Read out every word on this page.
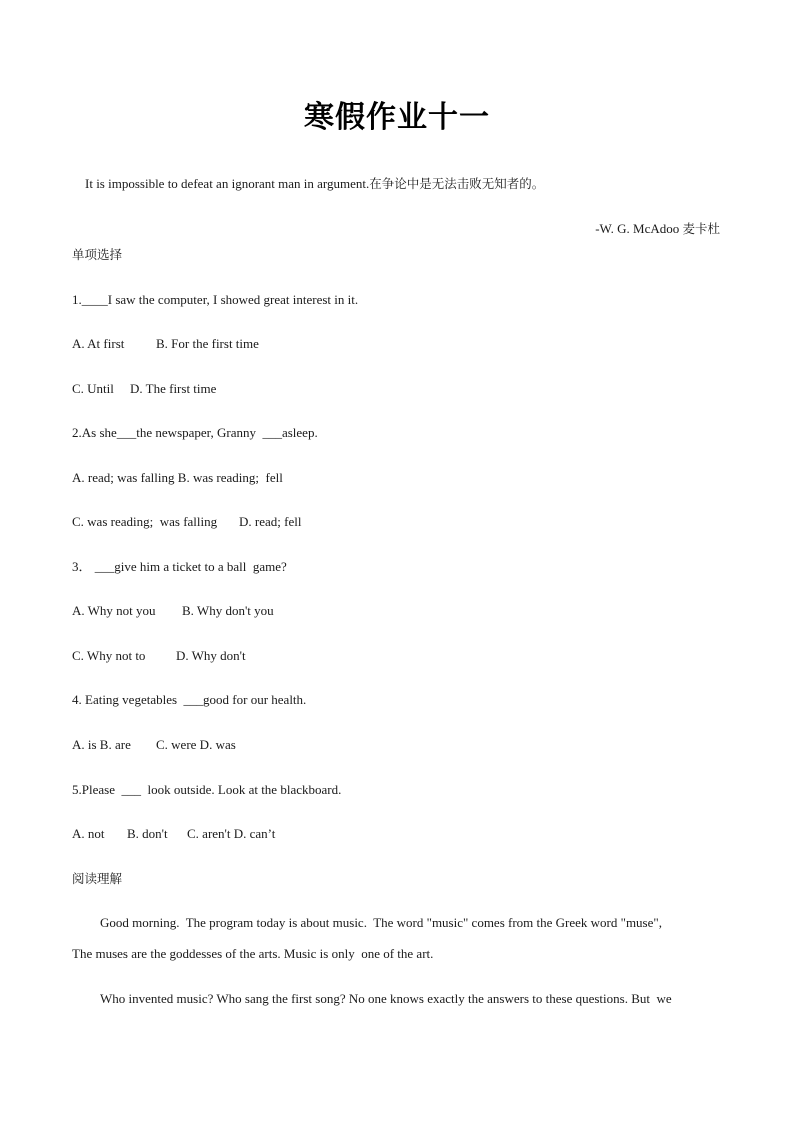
寒假作业十一

It is impossible to defeat an ignorant man in argument.在争论中是无法击败无知者的。

-W. G. McAdoo 麦卡杜

单项选择
1.____I saw the computer, I showed great interest in it.
A. At first B. For the first time
C. Until D. The first time
2.As she___the newspaper, Granny  ___asleep.
A. read; was falling B. was reading;  fell
C. was reading;  was falling D. read; fell
3． ___give him a ticket to a ball  game?
A. Why not you B. Why don't you
C. Why not to D. Why don't
4. Eating vegetables  ___good for our health.
A. is B. are C. were D. was
5.Please  ___  look outside. Look at the blackboard.
A. not B. don't C. aren't D. can’t
阅读理解
Good morning.  The program today is about music.  The word "music" comes from the Greek word "muse",
The muses are the goddesses of the arts. Music is only  one of the art.
Who invented music? Who sang the first song? No one knows exactly the answers to these questions. But  we
